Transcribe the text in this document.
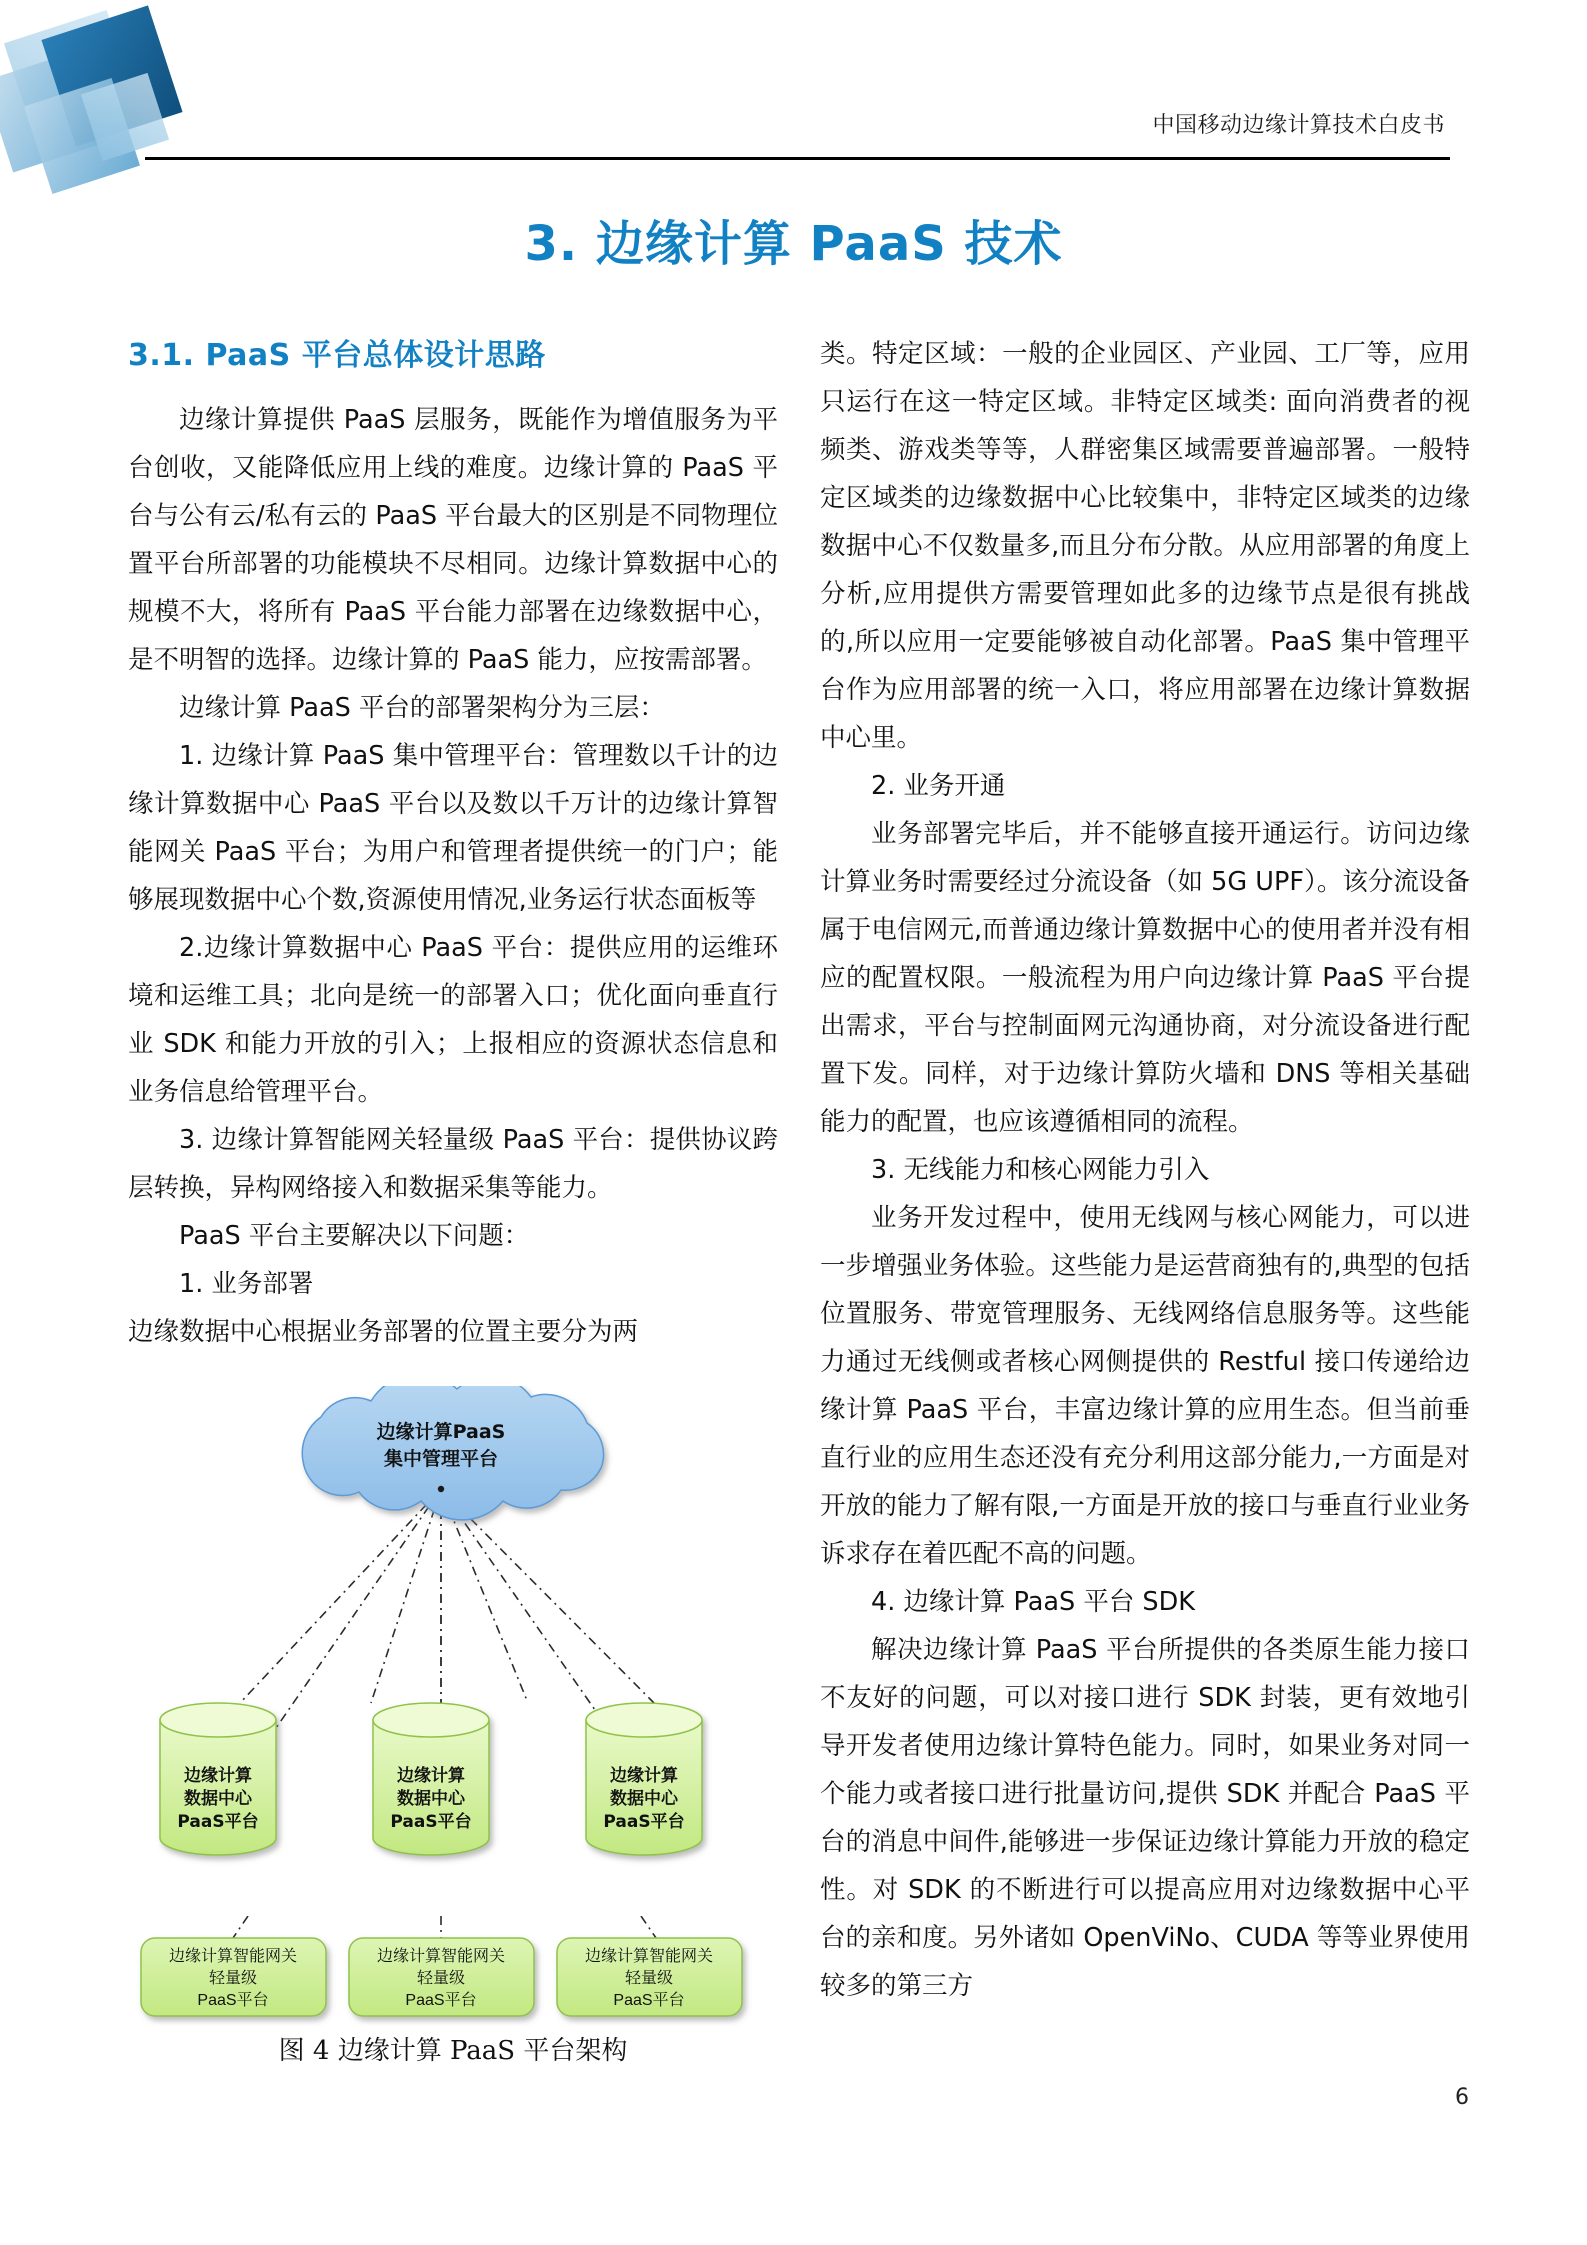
中国移动边缘计算技术白皮书
3. 边缘计算 PaaS 技术
3.1. PaaS 平台总体设计思路

边缘计算提供 PaaS 层服务，既能作为增值服务为平台创收，又能降低应用上线的难度。边缘计算的 PaaS 平台与公有云/私有云的 PaaS 平台最大的区别是不同物理位置平台所部署的功能模块不尽相同。边缘计算数据中心的规模不大，将所有 PaaS 平台能力部署在边缘数据中心，是不明智的选择。边缘计算的 PaaS 能力，应按需部署。

边缘计算 PaaS 平台的部署架构分为三层：

1. 边缘计算 PaaS 集中管理平台：管理数以千计的边缘计算数据中心 PaaS 平台以及数以千万计的边缘计算智能网关 PaaS 平台；为用户和管理者提供统一的门户；能够展现数据中心个数,资源使用情况,业务运行状态面板等

2.边缘计算数据中心 PaaS 平台：提供应用的运维环境和运维工具；北向是统一的部署入口；优化面向垂直行业 SDK 和能力开放的引入；上报相应的资源状态信息和业务信息给管理平台。

3. 边缘计算智能网关轻量级 PaaS 平台：提供协议跨层转换，异构网络接入和数据采集等能力。

PaaS 平台主要解决以下问题：

1. 业务部署

边缘数据中心根据业务部署的位置主要分为两

边缘计算PaaS
集中管理平台
边缘计算
数据中心
PaaS平台
边缘计算
数据中心
PaaS平台
边缘计算
数据中心
PaaS平台
边缘计算智能网关
轻量级
PaaS平台
边缘计算智能网关
轻量级
PaaS平台
边缘计算智能网关
轻量级
PaaS平台
图 4 边缘计算 PaaS 平台架构

类。特定区域：一般的企业园区、产业园、工厂等，应用只运行在这一特定区域。非特定区域类: 面向消费者的视频类、游戏类等等，人群密集区域需要普遍部署。一般特定区域类的边缘数据中心比较集中，非特定区域类的边缘数据中心不仅数量多,而且分布分散。从应用部署的角度上分析,应用提供方需要管理如此多的边缘节点是很有挑战的,所以应用一定要能够被自动化部署。PaaS 集中管理平台作为应用部署的统一入口，将应用部署在边缘计算数据中心里。

2. 业务开通

业务部署完毕后，并不能够直接开通运行。访问边缘计算业务时需要经过分流设备（如 5G UPF）。该分流设备属于电信网元,而普通边缘计算数据中心的使用者并没有相应的配置权限。一般流程为用户向边缘计算 PaaS 平台提出需求，平台与控制面网元沟通协商，对分流设备进行配置下发。同样，对于边缘计算防火墙和 DNS 等相关基础能力的配置，也应该遵循相同的流程。

3. 无线能力和核心网能力引入

业务开发过程中，使用无线网与核心网能力，可以进一步增强业务体验。这些能力是运营商独有的,典型的包括位置服务、带宽管理服务、无线网络信息服务等。这些能力通过无线侧或者核心网侧提供的 Restful 接口传递给边缘计算 PaaS 平台，丰富边缘计算的应用生态。但当前垂直行业的应用生态还没有充分利用这部分能力,一方面是对开放的能力了解有限,一方面是开放的接口与垂直行业业务诉求存在着匹配不高的问题。

4. 边缘计算 PaaS 平台 SDK

解决边缘计算 PaaS 平台所提供的各类原生能力接口不友好的问题，可以对接口进行 SDK 封装，更有效地引导开发者使用边缘计算特色能力。同时，如果业务对同一个能力或者接口进行批量访问,提供 SDK 并配合 PaaS 平台的消息中间件,能够进一步保证边缘计算能力开放的稳定性。对 SDK 的不断进行可以提高应用对边缘数据中心平台的亲和度。另外诸如 OpenViNo、CUDA 等等业界使用较多的第三方

6
